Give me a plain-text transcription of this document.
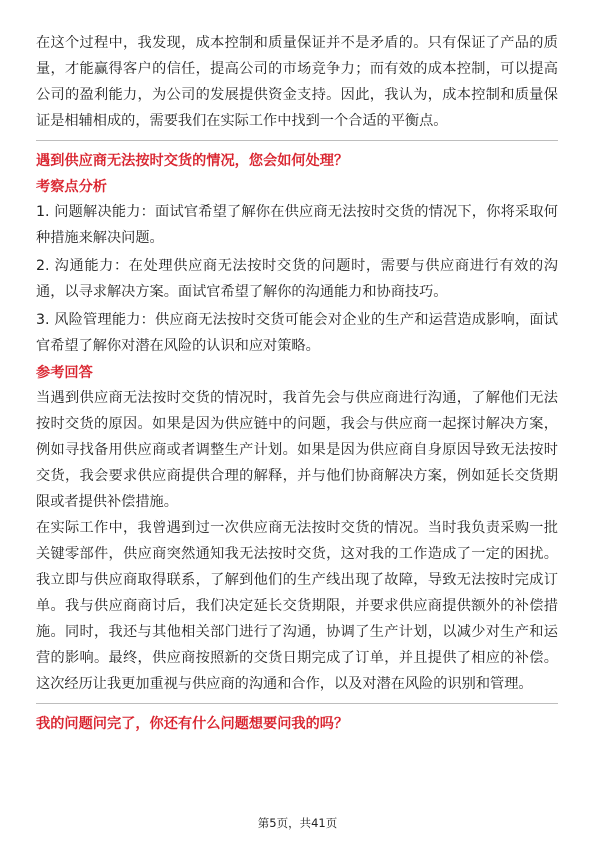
在这个过程中，我发现，成本控制和质量保证并不是矛盾的。只有保证了产品的质量，才能赢得客户的信任，提高公司的市场竞争力；而有效的成本控制，可以提高公司的盈利能力，为公司的发展提供资金支持。因此，我认为，成本控制和质量保证是相辅相成的，需要我们在实际工作中找到一个合适的平衡点。

遇到供应商无法按时交货的情况，您会如何处理？

考察点分析

1. 问题解决能力：面试官希望了解你在供应商无法按时交货的情况下，你将采取何种措施来解决问题。

2. 沟通能力：在处理供应商无法按时交货的问题时，需要与供应商进行有效的沟通，以寻求解决方案。面试官希望了解你的沟通能力和协商技巧。

3. 风险管理能力：供应商无法按时交货可能会对企业的生产和运营造成影响，面试官希望了解你对潜在风险的认识和应对策略。

参考回答

当遇到供应商无法按时交货的情况时，我首先会与供应商进行沟通，了解他们无法按时交货的原因。如果是因为供应链中的问题，我会与供应商一起探讨解决方案，例如寻找备用供应商或者调整生产计划。如果是因为供应商自身原因导致无法按时交货，我会要求供应商提供合理的解释，并与他们协商解决方案，例如延长交货期限或者提供补偿措施。

在实际工作中，我曾遇到过一次供应商无法按时交货的情况。当时我负责采购一批关键零部件，供应商突然通知我无法按时交货，这对我的工作造成了一定的困扰。我立即与供应商取得联系，了解到他们的生产线出现了故障，导致无法按时完成订单。我与供应商商讨后，我们决定延长交货期限，并要求供应商提供额外的补偿措施。同时，我还与其他相关部门进行了沟通，协调了生产计划，以减少对生产和运营的影响。最终，供应商按照新的交货日期完成了订单，并且提供了相应的补偿。这次经历让我更加重视与供应商的沟通和合作，以及对潜在风险的识别和管理。

我的问题问完了，你还有什么问题想要问我的吗？

第5页，共41页
